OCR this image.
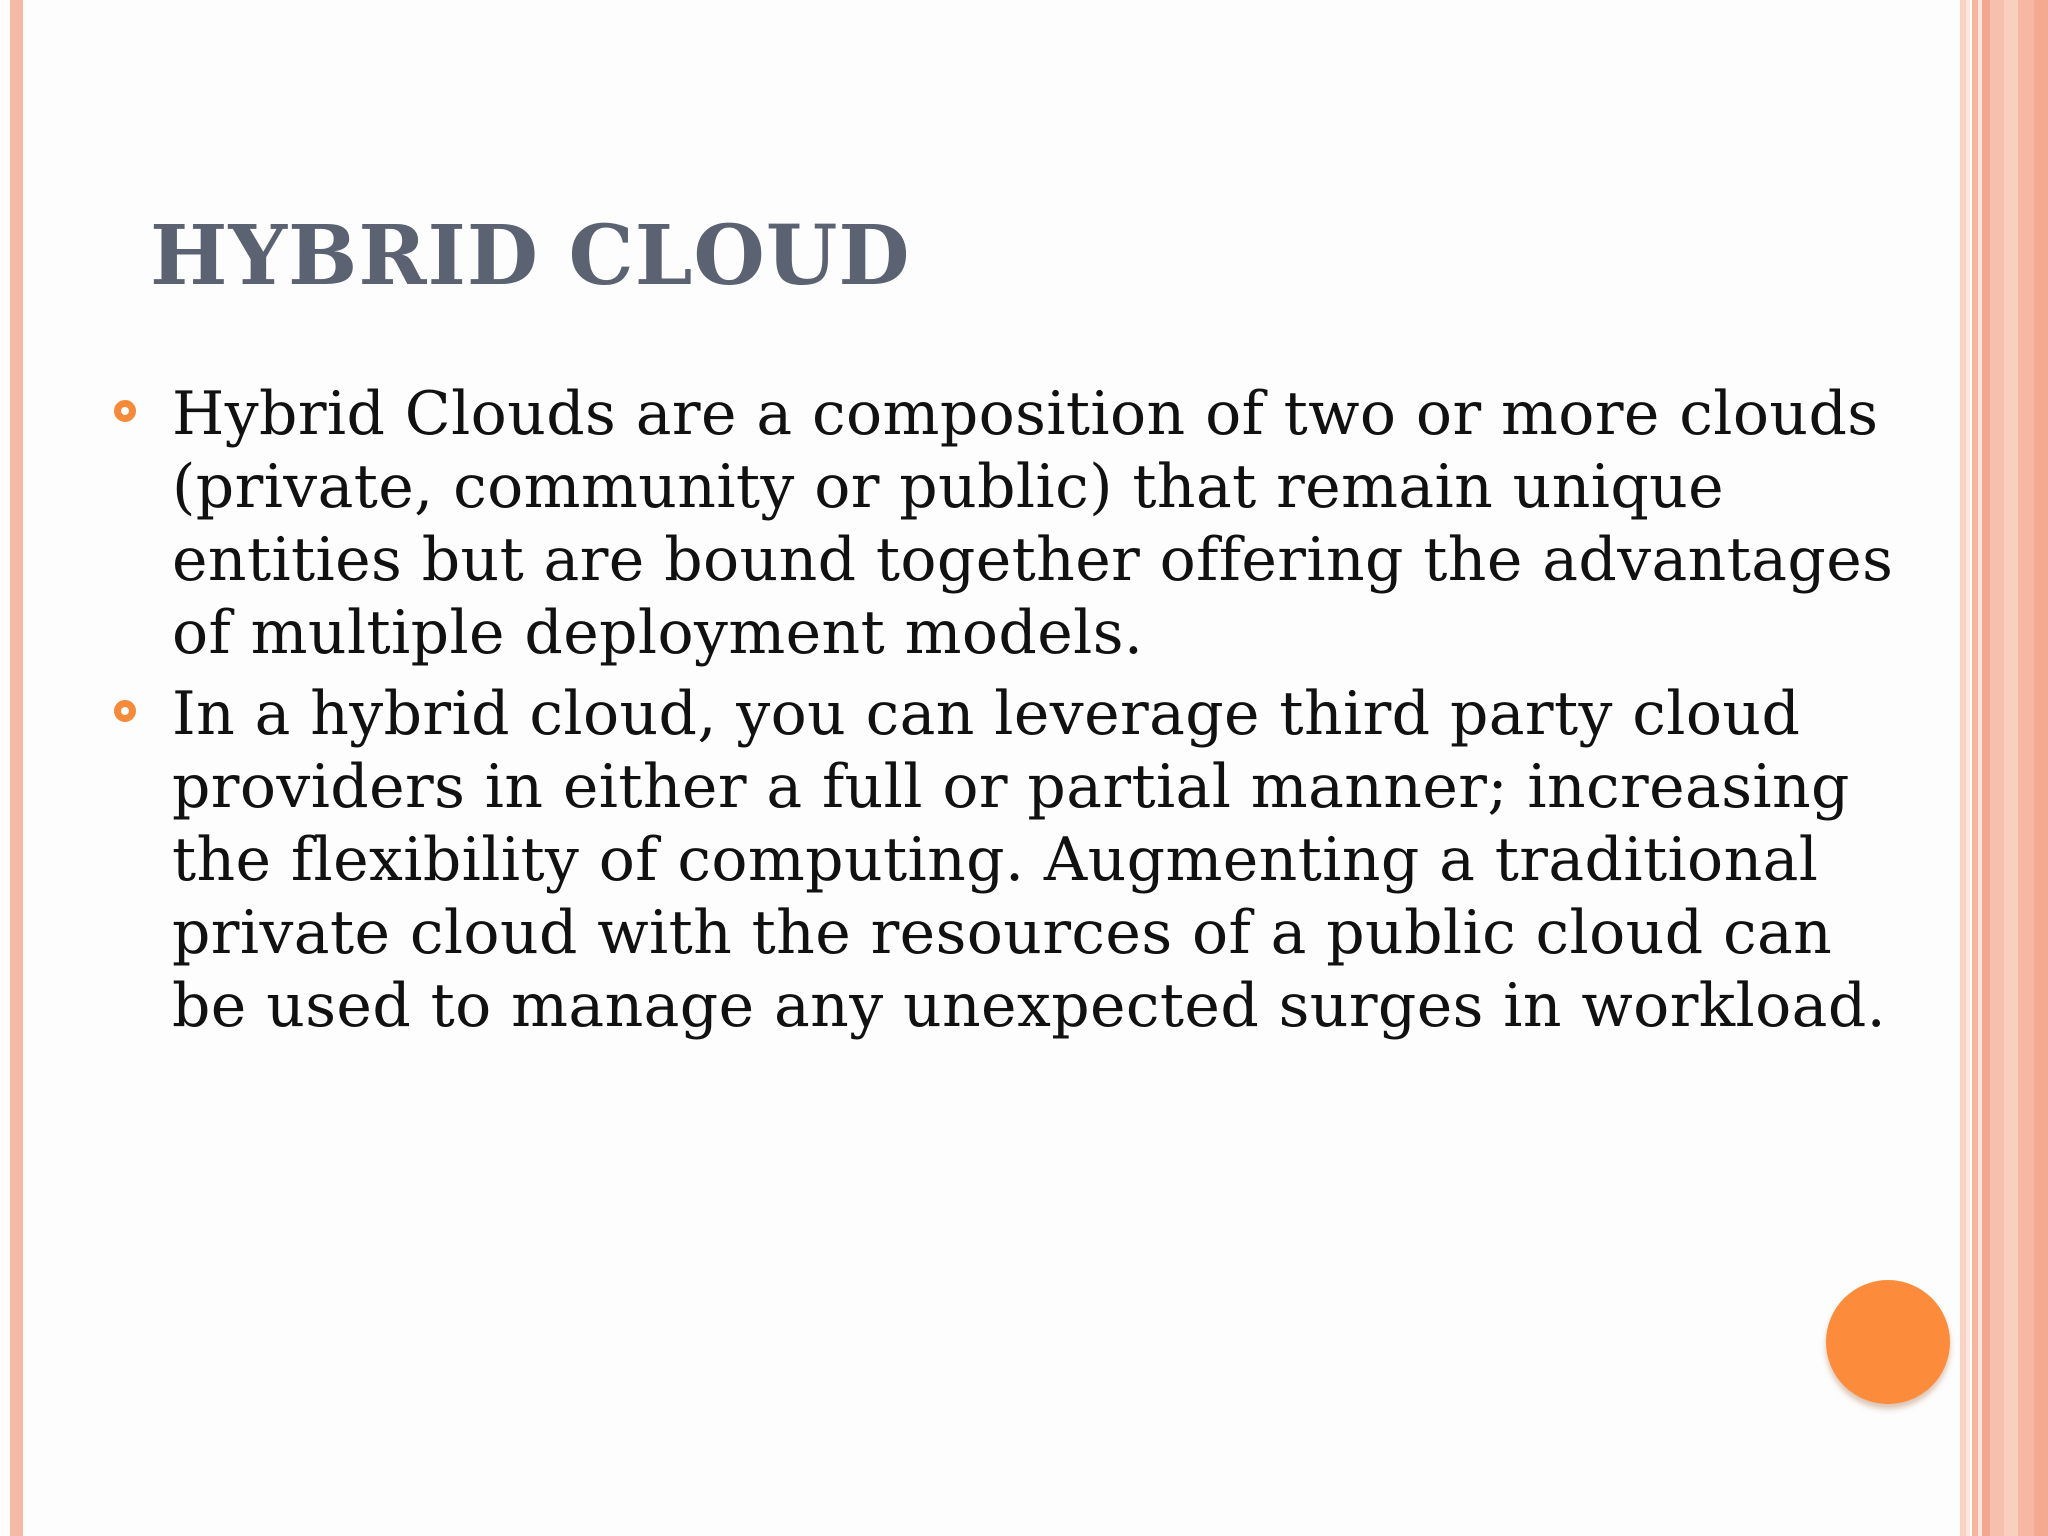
HYBRID CLOUD
Hybrid Clouds are a composition of two or more clouds (private, community or public) that remain unique entities but are bound together offering the advantages of multiple deployment models.
In a hybrid cloud, you can leverage third party cloud providers in either a full or partial manner; increasing the flexibility of computing. Augmenting a traditional private cloud with the resources of a public cloud can be used to manage any unexpected surges in workload.
